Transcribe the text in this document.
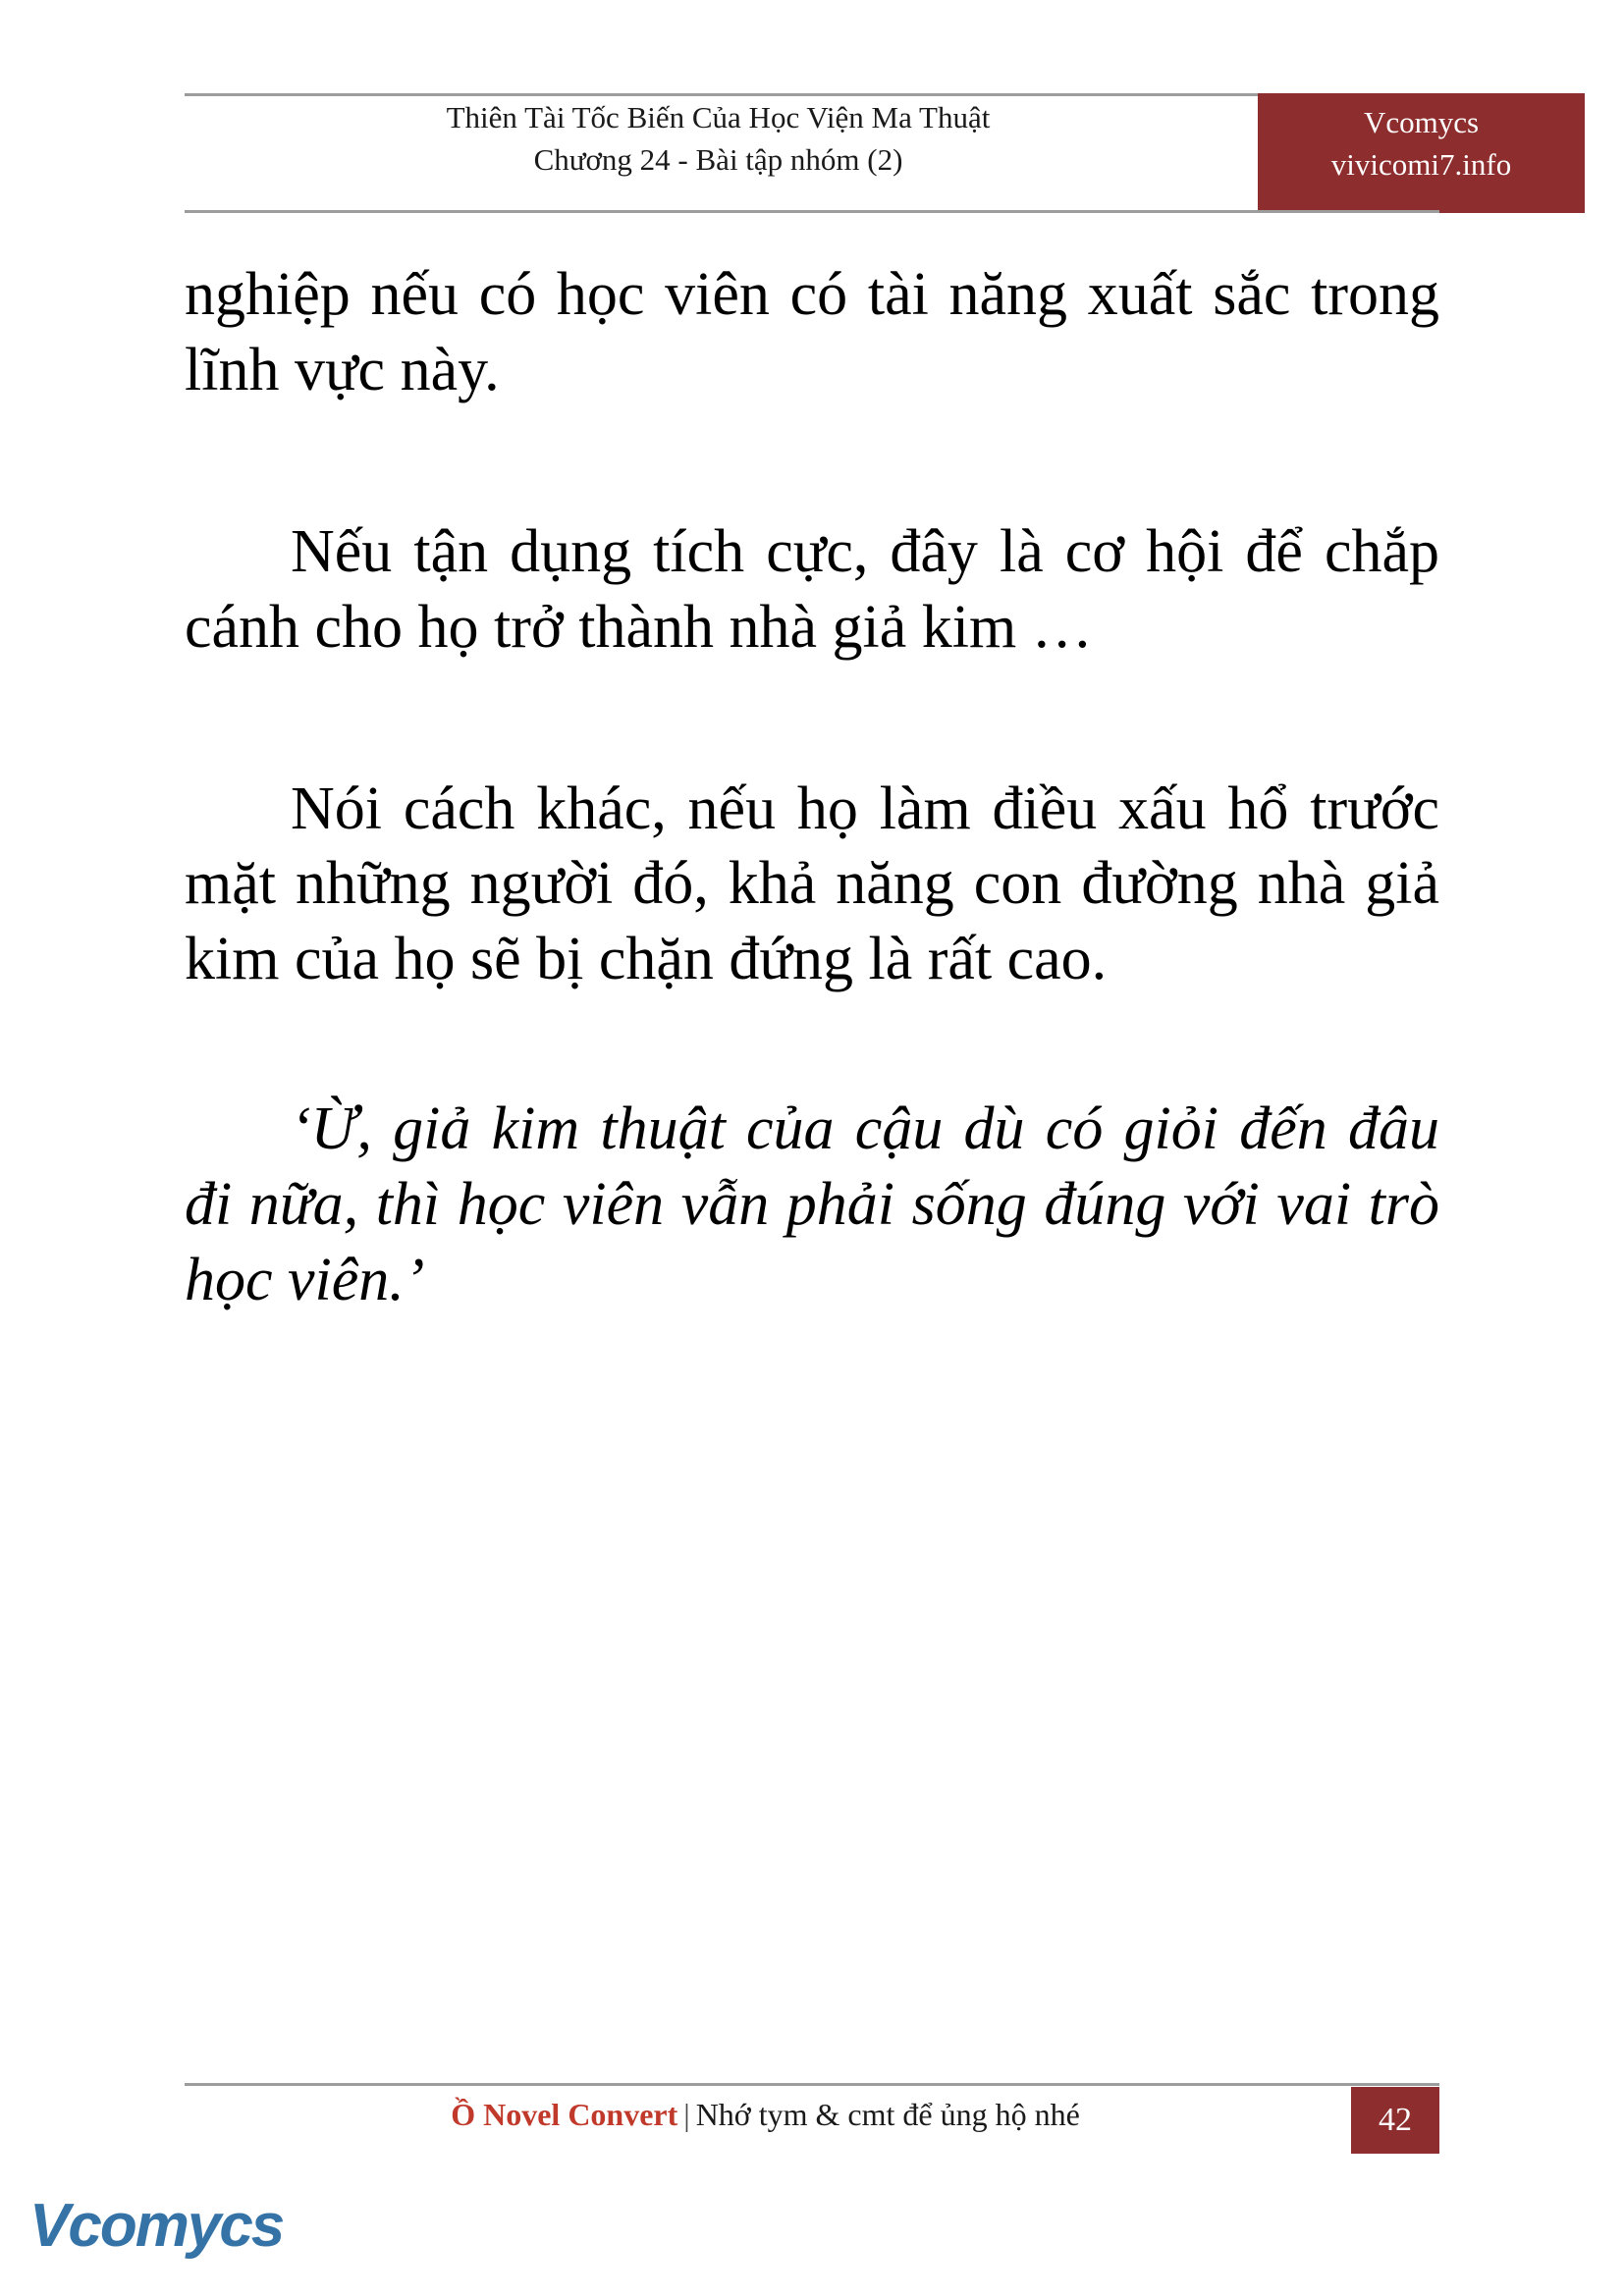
Thiên Tài Tốc Biến Của Học Viện Ma Thuật
Chương 24 - Bài tập nhóm (2)
Vcomycs
vivicomi7.info

nghiệp nếu có học viên có tài năng xuất sắc trong lĩnh vực này.

Nếu tận dụng tích cực, đây là cơ hội để chắp cánh cho họ trở thành nhà giả kim …

Nói cách khác, nếu họ làm điều xấu hổ trước mặt những người đó, khả năng con đường nhà giả kim của họ sẽ bị chặn đứng là rất cao.

‘Ừ, giả kim thuật của cậu dù có giỏi đến đâu đi nữa, thì học viên vẫn phải sống đúng với vai trò học viên.’

Ồ Novel Convert | Nhớ tym & cmt để ủng hộ nhé	42
Vcomycs
